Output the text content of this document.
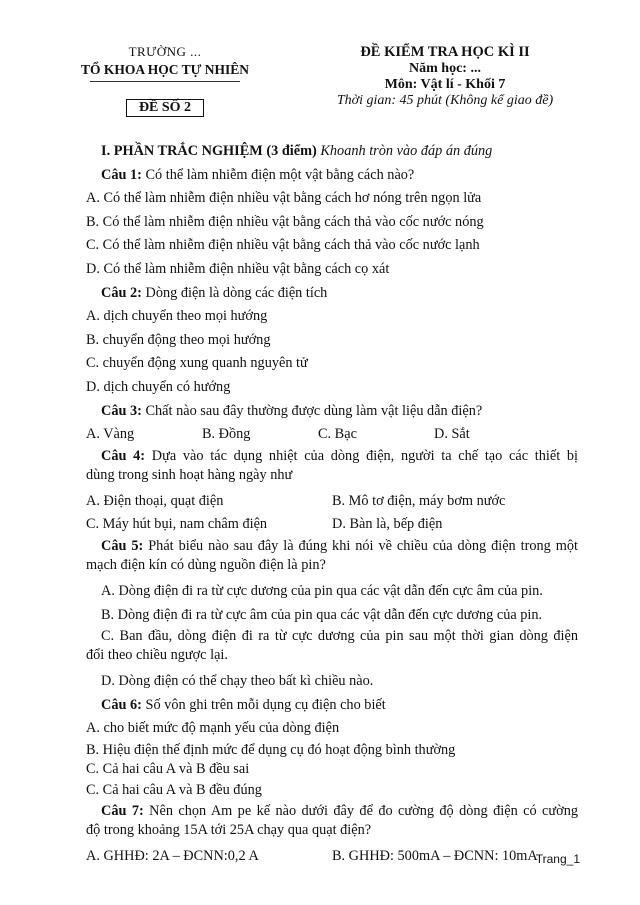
TRƯỜNG ...
TỔ KHOA HỌC TỰ NHIÊN
ĐỀ SỐ 2
ĐỀ KIỂM TRA HỌC KÌ II
Năm học: ...
Môn: Vật lí - Khối 7
Thời gian: 45 phút (Không kể giao đề)
I. PHẦN TRẮC NGHIỆM (3 điểm) Khoanh tròn vào đáp án đúng
Câu 1: Có thể làm nhiễm điện một vật bằng cách nào?
A. Có thể làm nhiễm điện nhiều vật bằng cách hơ nóng trên ngọn lửa
B. Có thể làm nhiễm điện nhiều vật bằng cách thả vào cốc nước nóng
C. Có thể làm nhiễm điện nhiều vật bằng cách thả vào cốc nước lạnh
D. Có thể làm nhiễm điện nhiều vật bằng cách cọ xát
Câu 2: Dòng điện là dòng các điện tích
A. dịch chuyển theo mọi hướng
B. chuyển động theo mọi hướng
C. chuyển động xung quanh nguyên tử
D. dịch chuyển có hướng
Câu 3: Chất nào sau đây thường được dùng làm vật liệu dẫn điện?
A. Vàng	B. Đồng	C. Bạc	D. Sắt
Câu 4: Dựa vào tác dụng nhiệt của dòng điện, người ta chế tạo các thiết bị
dùng trong sinh hoạt hàng ngày như
A. Điện thoại, quạt điện	B. Mô tơ điện, máy bơm nước
C. Máy hút bụi, nam châm điện	D. Bàn là, bếp điện
Câu 5: Phát biểu nào sau đây là đúng khi nói về chiều của dòng điện trong một
mạch điện kín có dùng nguồn điện là pin?
A. Dòng điện đi ra từ cực dương của pin qua các vật dẫn đến cực âm của pin.
B. Dòng điện đi ra từ cực âm của pin qua các vật dẫn đến cực dương của pin.
C. Ban đầu, dòng điện đi ra từ cực dương của pin sau một thời gian dòng điện
đổi theo chiều ngược lại.
D. Dòng điện có thể chạy theo bất kì chiều nào.
Câu 6: Số vôn ghi trên mỗi dụng cụ điện cho biết
A. cho biết mức độ mạnh yếu của dòng điện
B. Hiệu điện thế định mức để dụng cụ đó hoạt động bình thường
C. Cả hai câu A và B đều sai
C. Cả hai câu A và B đều đúng
Câu 7: Nên chọn Am pe kế nào dưới đây để đo cường độ dòng điện có cường
độ trong khoảng 15A tới 25A chạy qua quạt điện?
A. GHHĐ: 2A – ĐCNN:0,2 A	B. GHHĐ: 500mA – ĐCNN: 10mA
Trang_1
